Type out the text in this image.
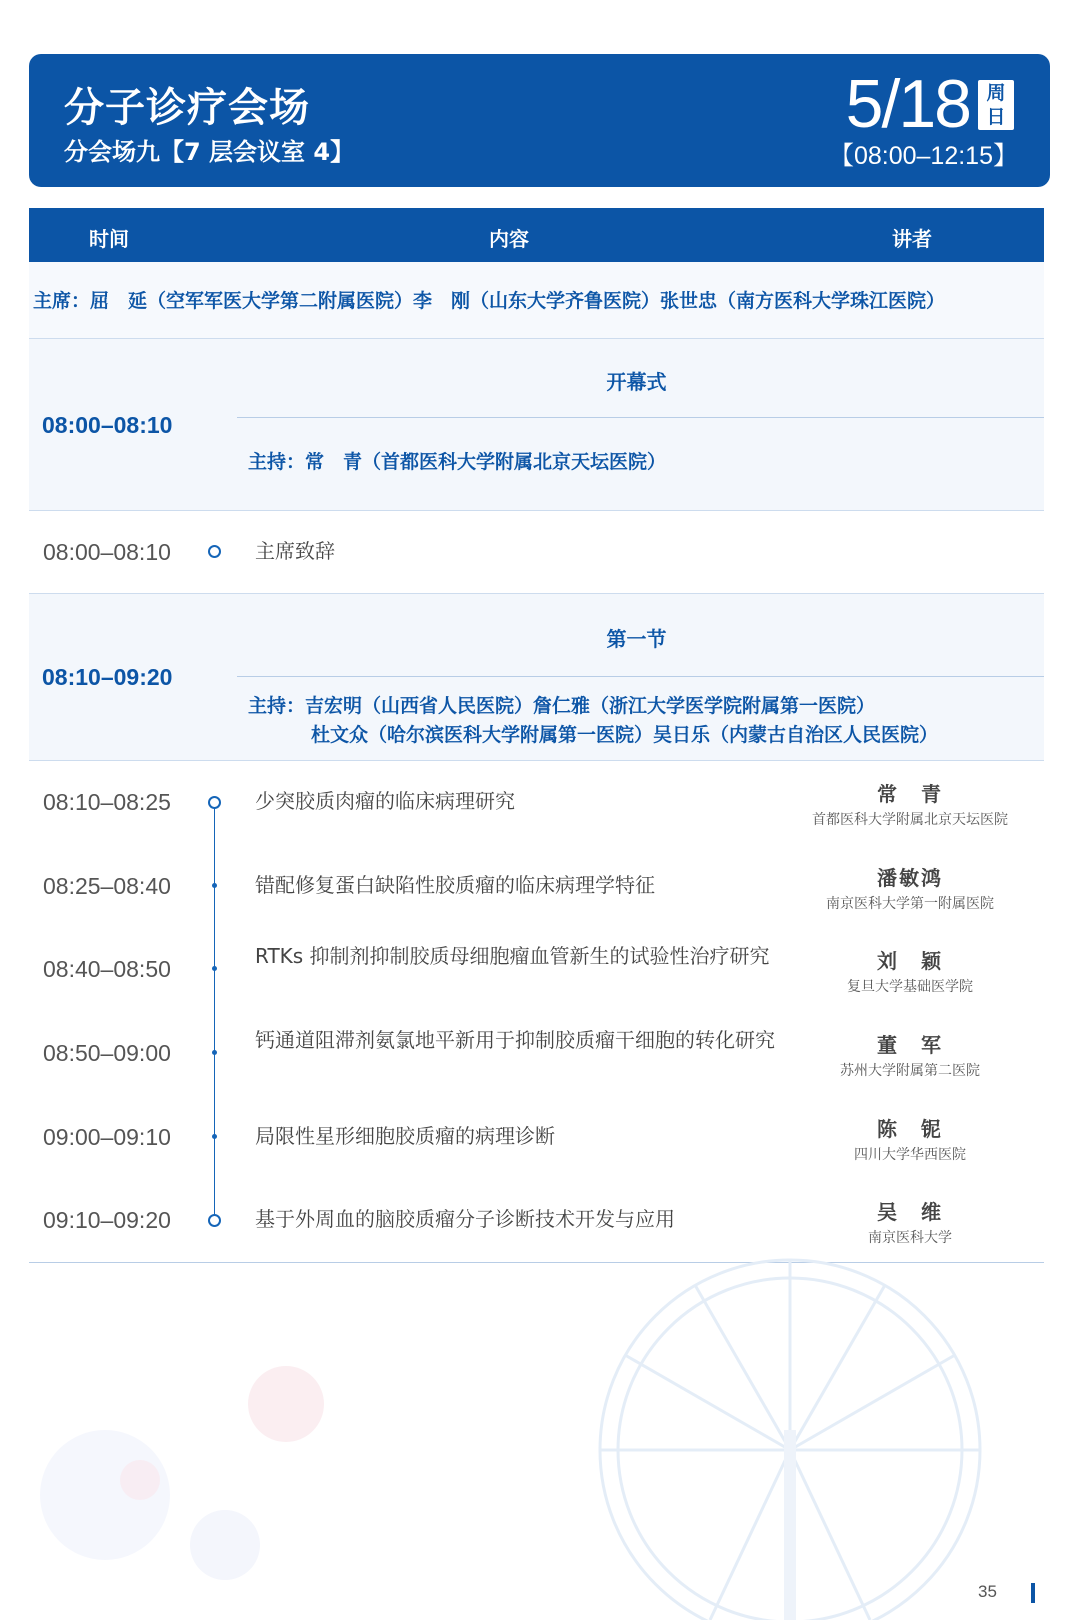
分子诊疗会场
分会场九【7 层会议室 4】
5/18 周日
【08:00–12:15】
时间	内容	讲者
主席：屈　延（空军军医大学第二附属医院）李　刚（山东大学齐鲁医院）张世忠（南方医科大学珠江医院）
08:00–08:10
开幕式
主持：常　青（首都医科大学附属北京天坛医院）
08:00–08:10	主席致辞
08:10–09:20
第一节
主持：吉宏明（山西省人民医院）詹仁雅（浙江大学医学院附属第一医院）
杜文众（哈尔滨医科大学附属第一医院）吴日乐（内蒙古自治区人民医院）
08:10–08:25	少突胶质肉瘤的临床病理研究	常　青
首都医科大学附属北京天坛医院
08:25–08:40	错配修复蛋白缺陷性胶质瘤的临床病理学特征	潘敏鸿
南京医科大学第一附属医院
08:40–08:50	RTKs 抑制剂抑制胶质母细胞瘤血管新生的试验性治疗研究	刘　颖
复旦大学基础医学院
08:50–09:00	钙通道阻滞剂氨氯地平新用于抑制胶质瘤干细胞的转化研究	董　军
苏州大学附属第二医院
09:00–09:10	局限性星形细胞胶质瘤的病理诊断	陈　铌
四川大学华西医院
09:10–09:20	基于外周血的脑胶质瘤分子诊断技术开发与应用	吴　维
南京医科大学
35
